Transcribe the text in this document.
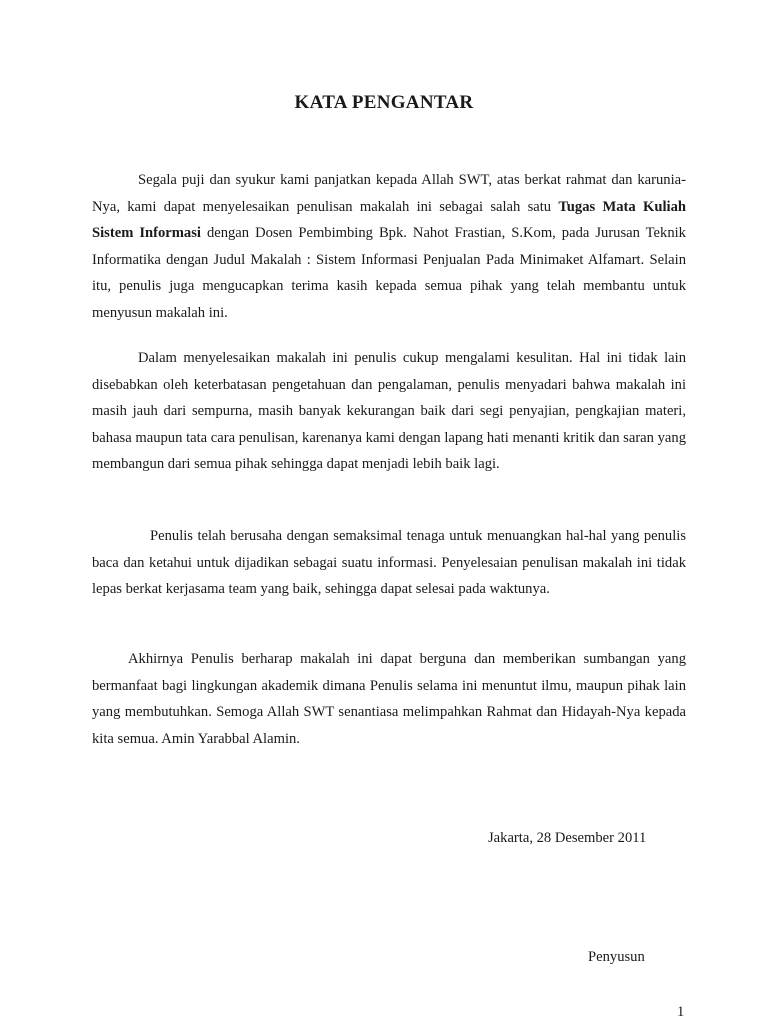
KATA PENGANTAR

Segala puji dan syukur kami panjatkan kepada Allah SWT, atas berkat rahmat dan karunia-Nya, kami dapat menyelesaikan penulisan makalah ini sebagai salah satu Tugas Mata Kuliah Sistem Informasi dengan Dosen Pembimbing Bpk. Nahot Frastian, S.Kom, pada Jurusan Teknik Informatika dengan Judul Makalah : Sistem Informasi Penjualan Pada Minimaket Alfamart. Selain itu, penulis juga mengucapkan terima kasih kepada semua pihak yang telah membantu untuk menyusun makalah ini.

Dalam menyelesaikan makalah ini penulis cukup mengalami kesulitan. Hal ini tidak lain disebabkan oleh keterbatasan pengetahuan dan pengalaman, penulis menyadari bahwa makalah ini masih jauh dari sempurna, masih banyak kekurangan baik dari segi penyajian, pengkajian materi, bahasa maupun tata cara penulisan, karenanya kami dengan lapang hati menanti kritik dan saran yang membangun dari semua pihak sehingga dapat menjadi lebih baik lagi.

Penulis telah berusaha dengan semaksimal tenaga untuk menuangkan hal-hal yang penulis baca dan ketahui untuk dijadikan sebagai suatu informasi. Penyelesaian penulisan makalah ini tidak lepas berkat kerjasama team yang baik, sehingga dapat selesai pada waktunya.

Akhirnya Penulis berharap makalah ini dapat berguna dan memberikan sumbangan yang bermanfaat bagi lingkungan akademik dimana Penulis selama ini menuntut ilmu, maupun pihak lain yang membutuhkan. Semoga Allah SWT senantiasa melimpahkan Rahmat dan Hidayah-Nya kepada kita semua. Amin Yarabbal Alamin.

Jakarta, 28 Desember 2011

Penyusun

1
